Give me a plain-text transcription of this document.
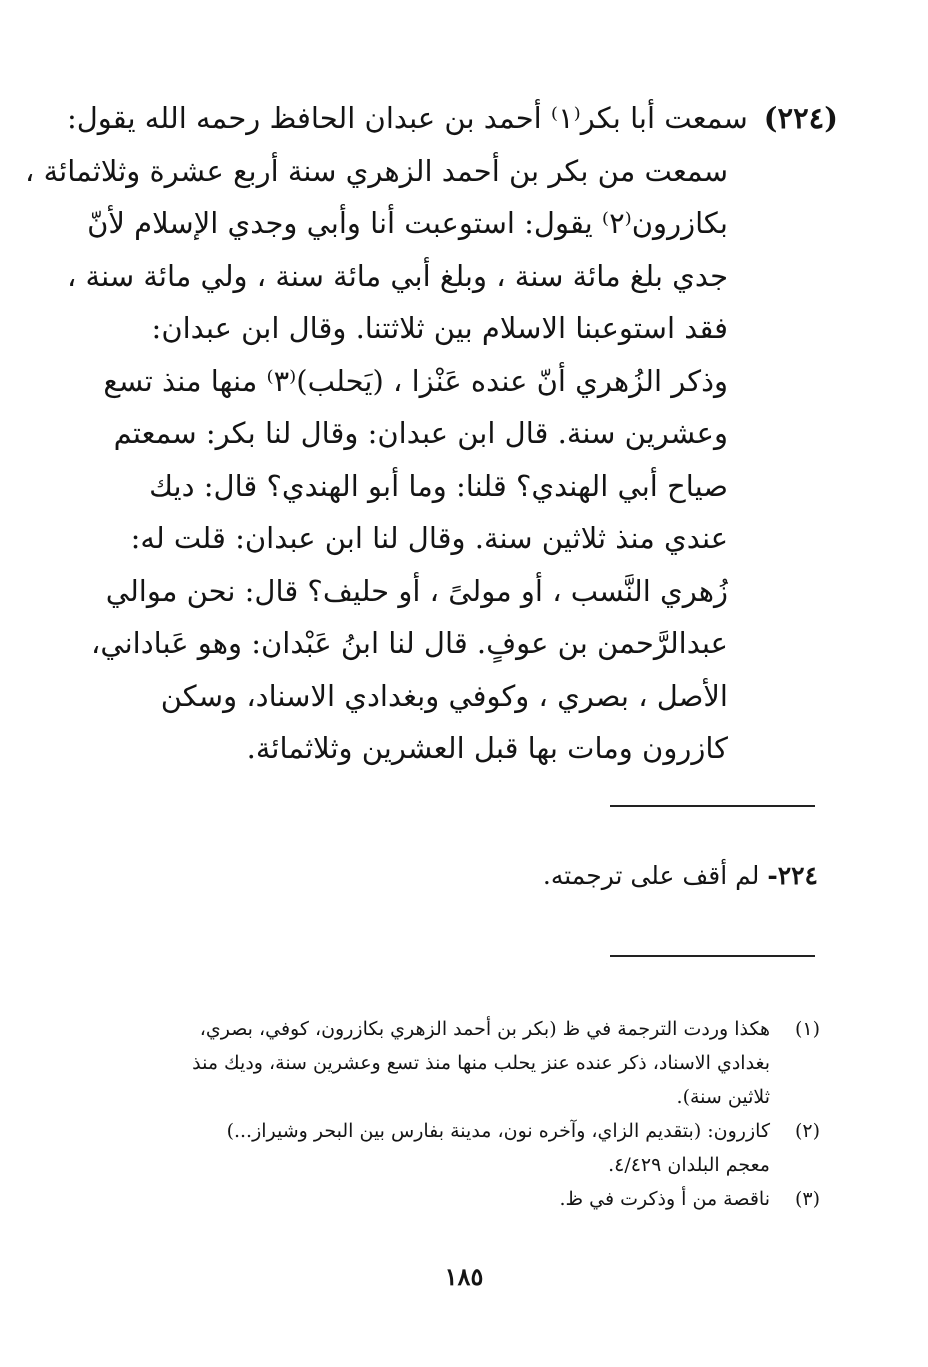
(٢٢٤)سمعت أبا بكر⁽١⁾ أحمد بن عبدان الحافظ رحمه الله يقول:
سمعت من بكر بن أحمد الزهري سنة أربع عشرة وثلاثمائة ،
بكازرون⁽٢⁾ يقول: استوعبت أنا وأبي وجدي الإسلام لأنّ
جدي بلغ مائة سنة ، وبلغ أبي مائة سنة ، ولي مائة سنة ،
فقد استوعبنا الاسلام بين ثلاثتنا. وقال ابن عبدان:
وذكر الزُهري أنّ عنده عَنْزا ، (يَحلب)⁽٣⁾ منها منذ تسع
وعشرين سنة. قال ابن عبدان: وقال لنا بكر: سمعتم
صياح أبي الهندي؟ قلنا: وما أبو الهندي؟ قال: ديك
عندي منذ ثلاثين سنة. وقال لنا ابن عبدان: قلت له:
زُهري النَّسب ، أو مولىً ، أو حليف؟ قال: نحن موالي
عبدالرَّحمن بن عوفٍ. قال لنا ابنُ عَبْدان: وهو عَباداني،
الأصل ، بصري ، وكوفي وبغدادي الاسناد، وسكن
كازرون ومات بها قبل العشرين وثلاثمائة.
٢٢٤- لم أقف على ترجمته.
(١)
هكذا وردت الترجمة في ظ (بكر بن أحمد الزهري بكازرون، كوفي، بصري،
بغدادي الاسناد، ذكر عنده عنز يحلب منها منذ تسع وعشرين سنة، وديك منذ
ثلاثين سنة).
(٢)
كازرون: (بتقديم الزاي، وآخره نون، مدينة بفارس بين البحر وشيراز...)
معجم البلدان ٤/٤٢٩.
(٣)
ناقصة من أ وذكرت في ظ.
١٨٥
